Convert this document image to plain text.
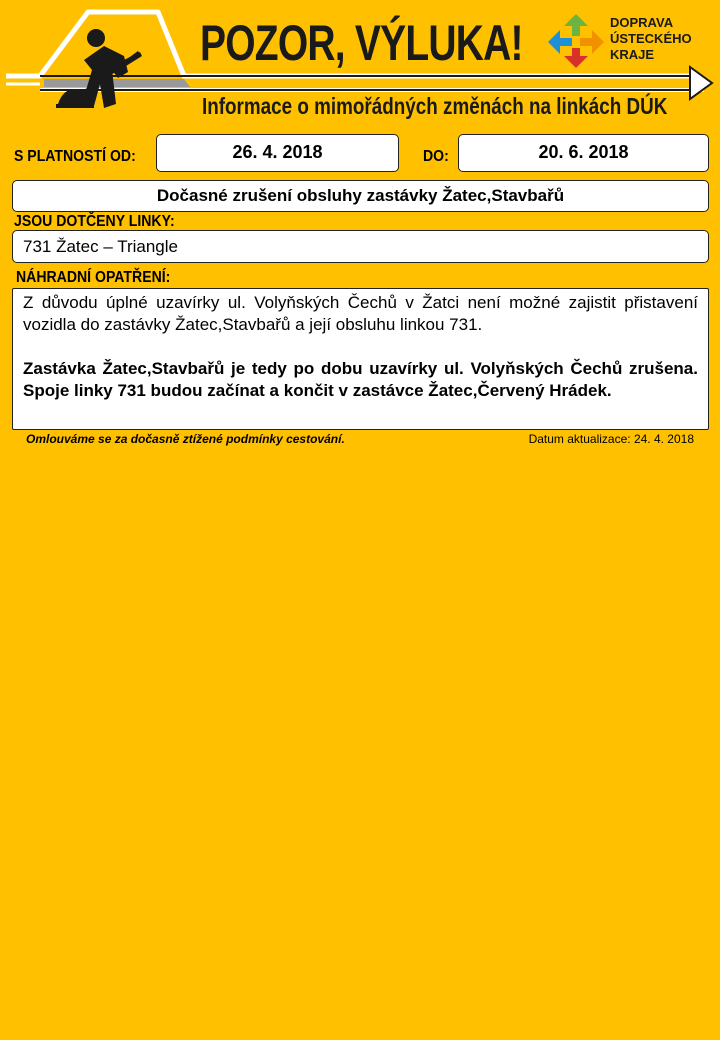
POZOR, VÝLUKA!
Informace o mimořádných změnách na linkách DÚK
DOPRAVA
ÚSTECKÉHO
KRAJE
S PLATNOSTÍ OD:	26. 4. 2018	DO:	20. 6. 2018
Dočasné zrušení obsluhy zastávky Žatec,Stavbařů
JSOU DOTČENY LINKY:
731 Žatec – Triangle
NÁHRADNÍ OPATŘENÍ:

Z důvodu úplné uzavírky ul. Volyňských Čechů v Žatci není možné zajistit přistavení vozidla do zastávky Žatec,Stavbařů a její obsluhu linkou 731.

Zastávka Žatec,Stavbařů je tedy po dobu uzavírky ul. Volyňských Čechů zrušena. Spoje linky 731 budou začínat a končit v zastávce Žatec,Červený Hrádek.

Omlouváme se za dočasně ztížené podmínky cestování.	Datum aktualizace: 24. 4. 2018
